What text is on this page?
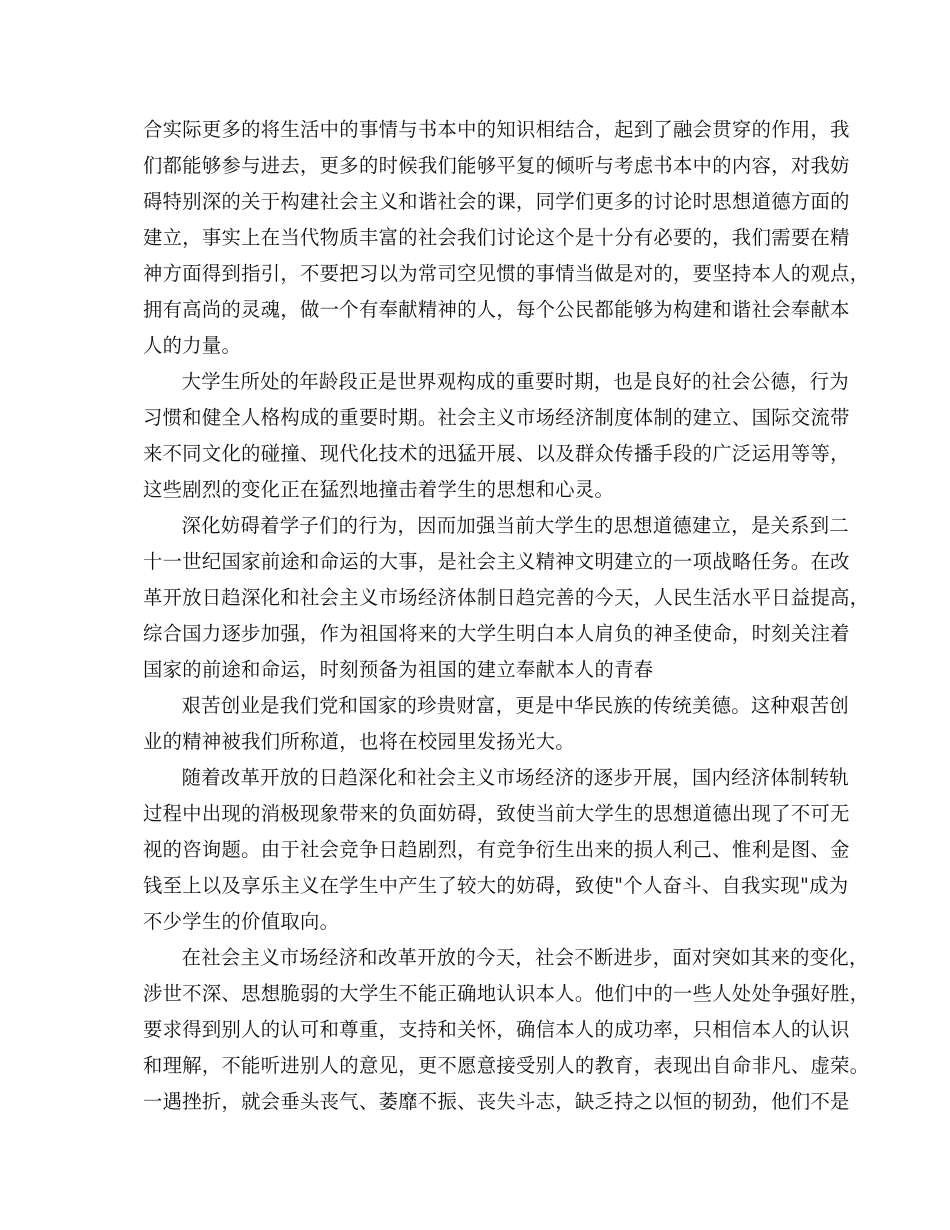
合实际更多的将生活中的事情与书本中的知识相结合，起到了融会贯穿的作用，我
们都能够参与进去，更多的时候我们能够平复的倾听与考虑书本中的内容，对我妨
碍特别深的关于构建社会主义和谐社会的课，同学们更多的讨论时思想道德方面的
建立，事实上在当代物质丰富的社会我们讨论这个是十分有必要的，我们需要在精
神方面得到指引，不要把习以为常司空见惯的事情当做是对的，要坚持本人的观点，
拥有高尚的灵魂，做一个有奉献精神的人，每个公民都能够为构建和谐社会奉献本
人的力量。
大学生所处的年龄段正是世界观构成的重要时期，也是良好的社会公德，行为
习惯和健全人格构成的重要时期。社会主义市场经济制度体制的建立、国际交流带
来不同文化的碰撞、现代化技术的迅猛开展、以及群众传播手段的广泛运用等等，
这些剧烈的变化正在猛烈地撞击着学生的思想和心灵。
深化妨碍着学子们的行为，因而加强当前大学生的思想道德建立，是关系到二
十一世纪国家前途和命运的大事，是社会主义精神文明建立的一项战略任务。在改
革开放日趋深化和社会主义市场经济体制日趋完善的今天，人民生活水平日益提高，
综合国力逐步加强，作为祖国将来的大学生明白本人肩负的神圣使命，时刻关注着
国家的前途和命运，时刻预备为祖国的建立奉献本人的青春
艰苦创业是我们党和国家的珍贵财富，更是中华民族的传统美德。这种艰苦创
业的精神被我们所称道，也将在校园里发扬光大。
随着改革开放的日趋深化和社会主义市场经济的逐步开展，国内经济体制转轨
过程中出现的消极现象带来的负面妨碍，致使当前大学生的思想道德出现了不可无
视的咨询题。由于社会竞争日趋剧烈，有竞争衍生出来的损人利己、惟利是图、金
钱至上以及享乐主义在学生中产生了较大的妨碍，致使"个人奋斗、自我实现"成为
不少学生的价值取向。
在社会主义市场经济和改革开放的今天，社会不断进步，面对突如其来的变化，
涉世不深、思想脆弱的大学生不能正确地认识本人。他们中的一些人处处争强好胜，
要求得到别人的认可和尊重，支持和关怀，确信本人的成功率，只相信本人的认识
和理解，不能听进别人的意见，更不愿意接受别人的教育，表现出自命非凡、虚荣。
一遇挫折，就会垂头丧气、萎靡不振、丧失斗志，缺乏持之以恒的韧劲，他们不是
